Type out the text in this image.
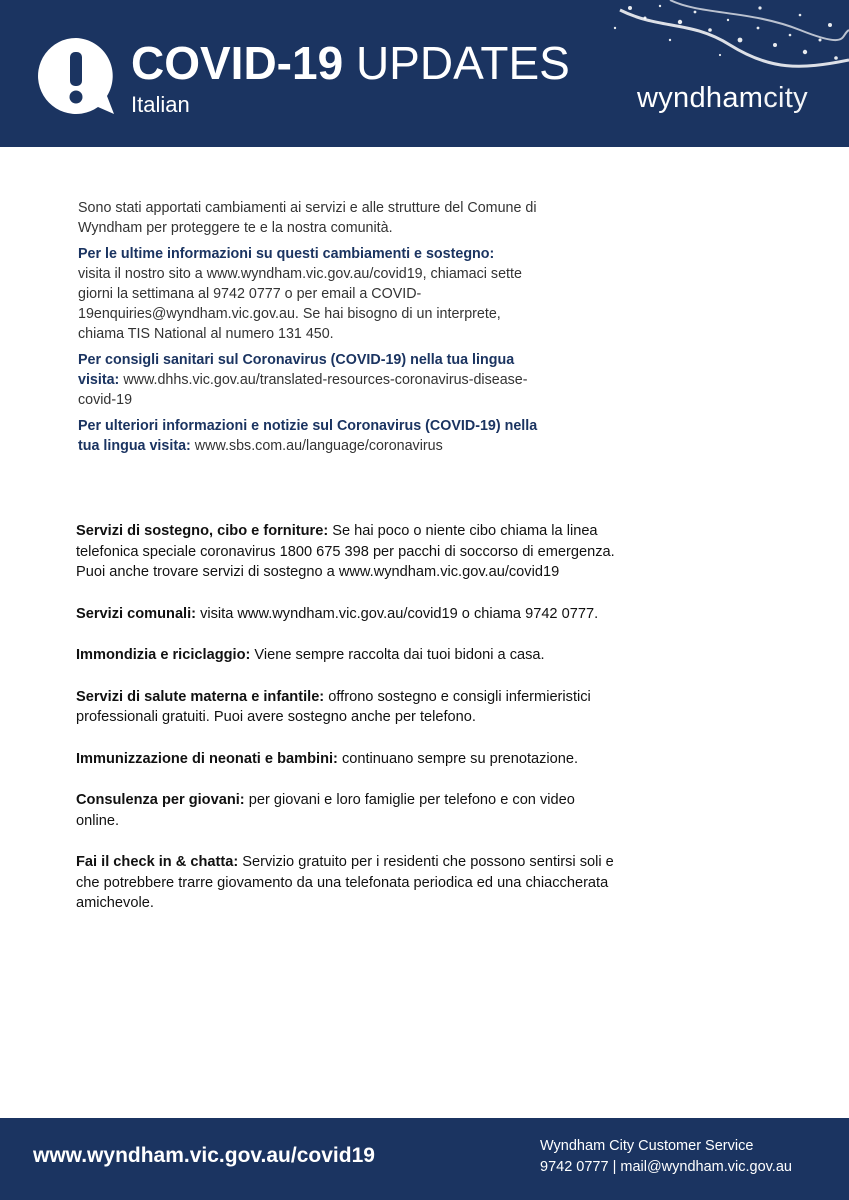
COVID-19 UPDATES
Italian	wyndhamcity

Sono stati apportati cambiamenti ai servizi e alle strutture del Comune di Wyndham per proteggere te e la nostra comunità.

Per le ultime informazioni su questi cambiamenti e sostegno:
visita il nostro sito a www.wyndham.vic.gov.au/covid19, chiamaci sette giorni la settimana al 9742 0777 o per email a COVID-19enquiries@wyndham.vic.gov.au. Se hai bisogno di un interprete, chiama TIS National al numero 131 450.

Per consigli sanitari sul Coronavirus (COVID-19) nella tua lingua visita: www.dhhs.vic.gov.au/translated-resources-coronavirus-disease-covid-19

Per ulteriori informazioni e notizie sul Coronavirus (COVID-19) nella tua lingua visita: www.sbs.com.au/language/coronavirus

Servizi di sostegno, cibo e forniture: Se hai poco o niente cibo chiama la linea telefonica speciale coronavirus 1800 675 398 per pacchi di soccorso di emergenza. Puoi anche trovare servizi di sostegno a www.wyndham.vic.gov.au/covid19

Servizi comunali: visita www.wyndham.vic.gov.au/covid19 o chiama 9742 0777.

Immondizia e riciclaggio: Viene sempre raccolta dai tuoi bidoni a casa.

Servizi di salute materna e infantile: offrono sostegno e consigli infermieristici professionali gratuiti. Puoi avere sostegno anche per telefono.

Immunizzazione di neonati e bambini: continuano sempre su prenotazione.

Consulenza per giovani: per giovani e loro famiglie per telefono e con video online.

Fai il check in & chatta: Servizio gratuito per i residenti che possono sentirsi soli e che potrebbere trarre giovamento da una telefonata periodica ed una chiaccherata amichevole.

www.wyndham.vic.gov.au/covid19	Wyndham City Customer Service
9742 0777 | mail@wyndham.vic.gov.au
